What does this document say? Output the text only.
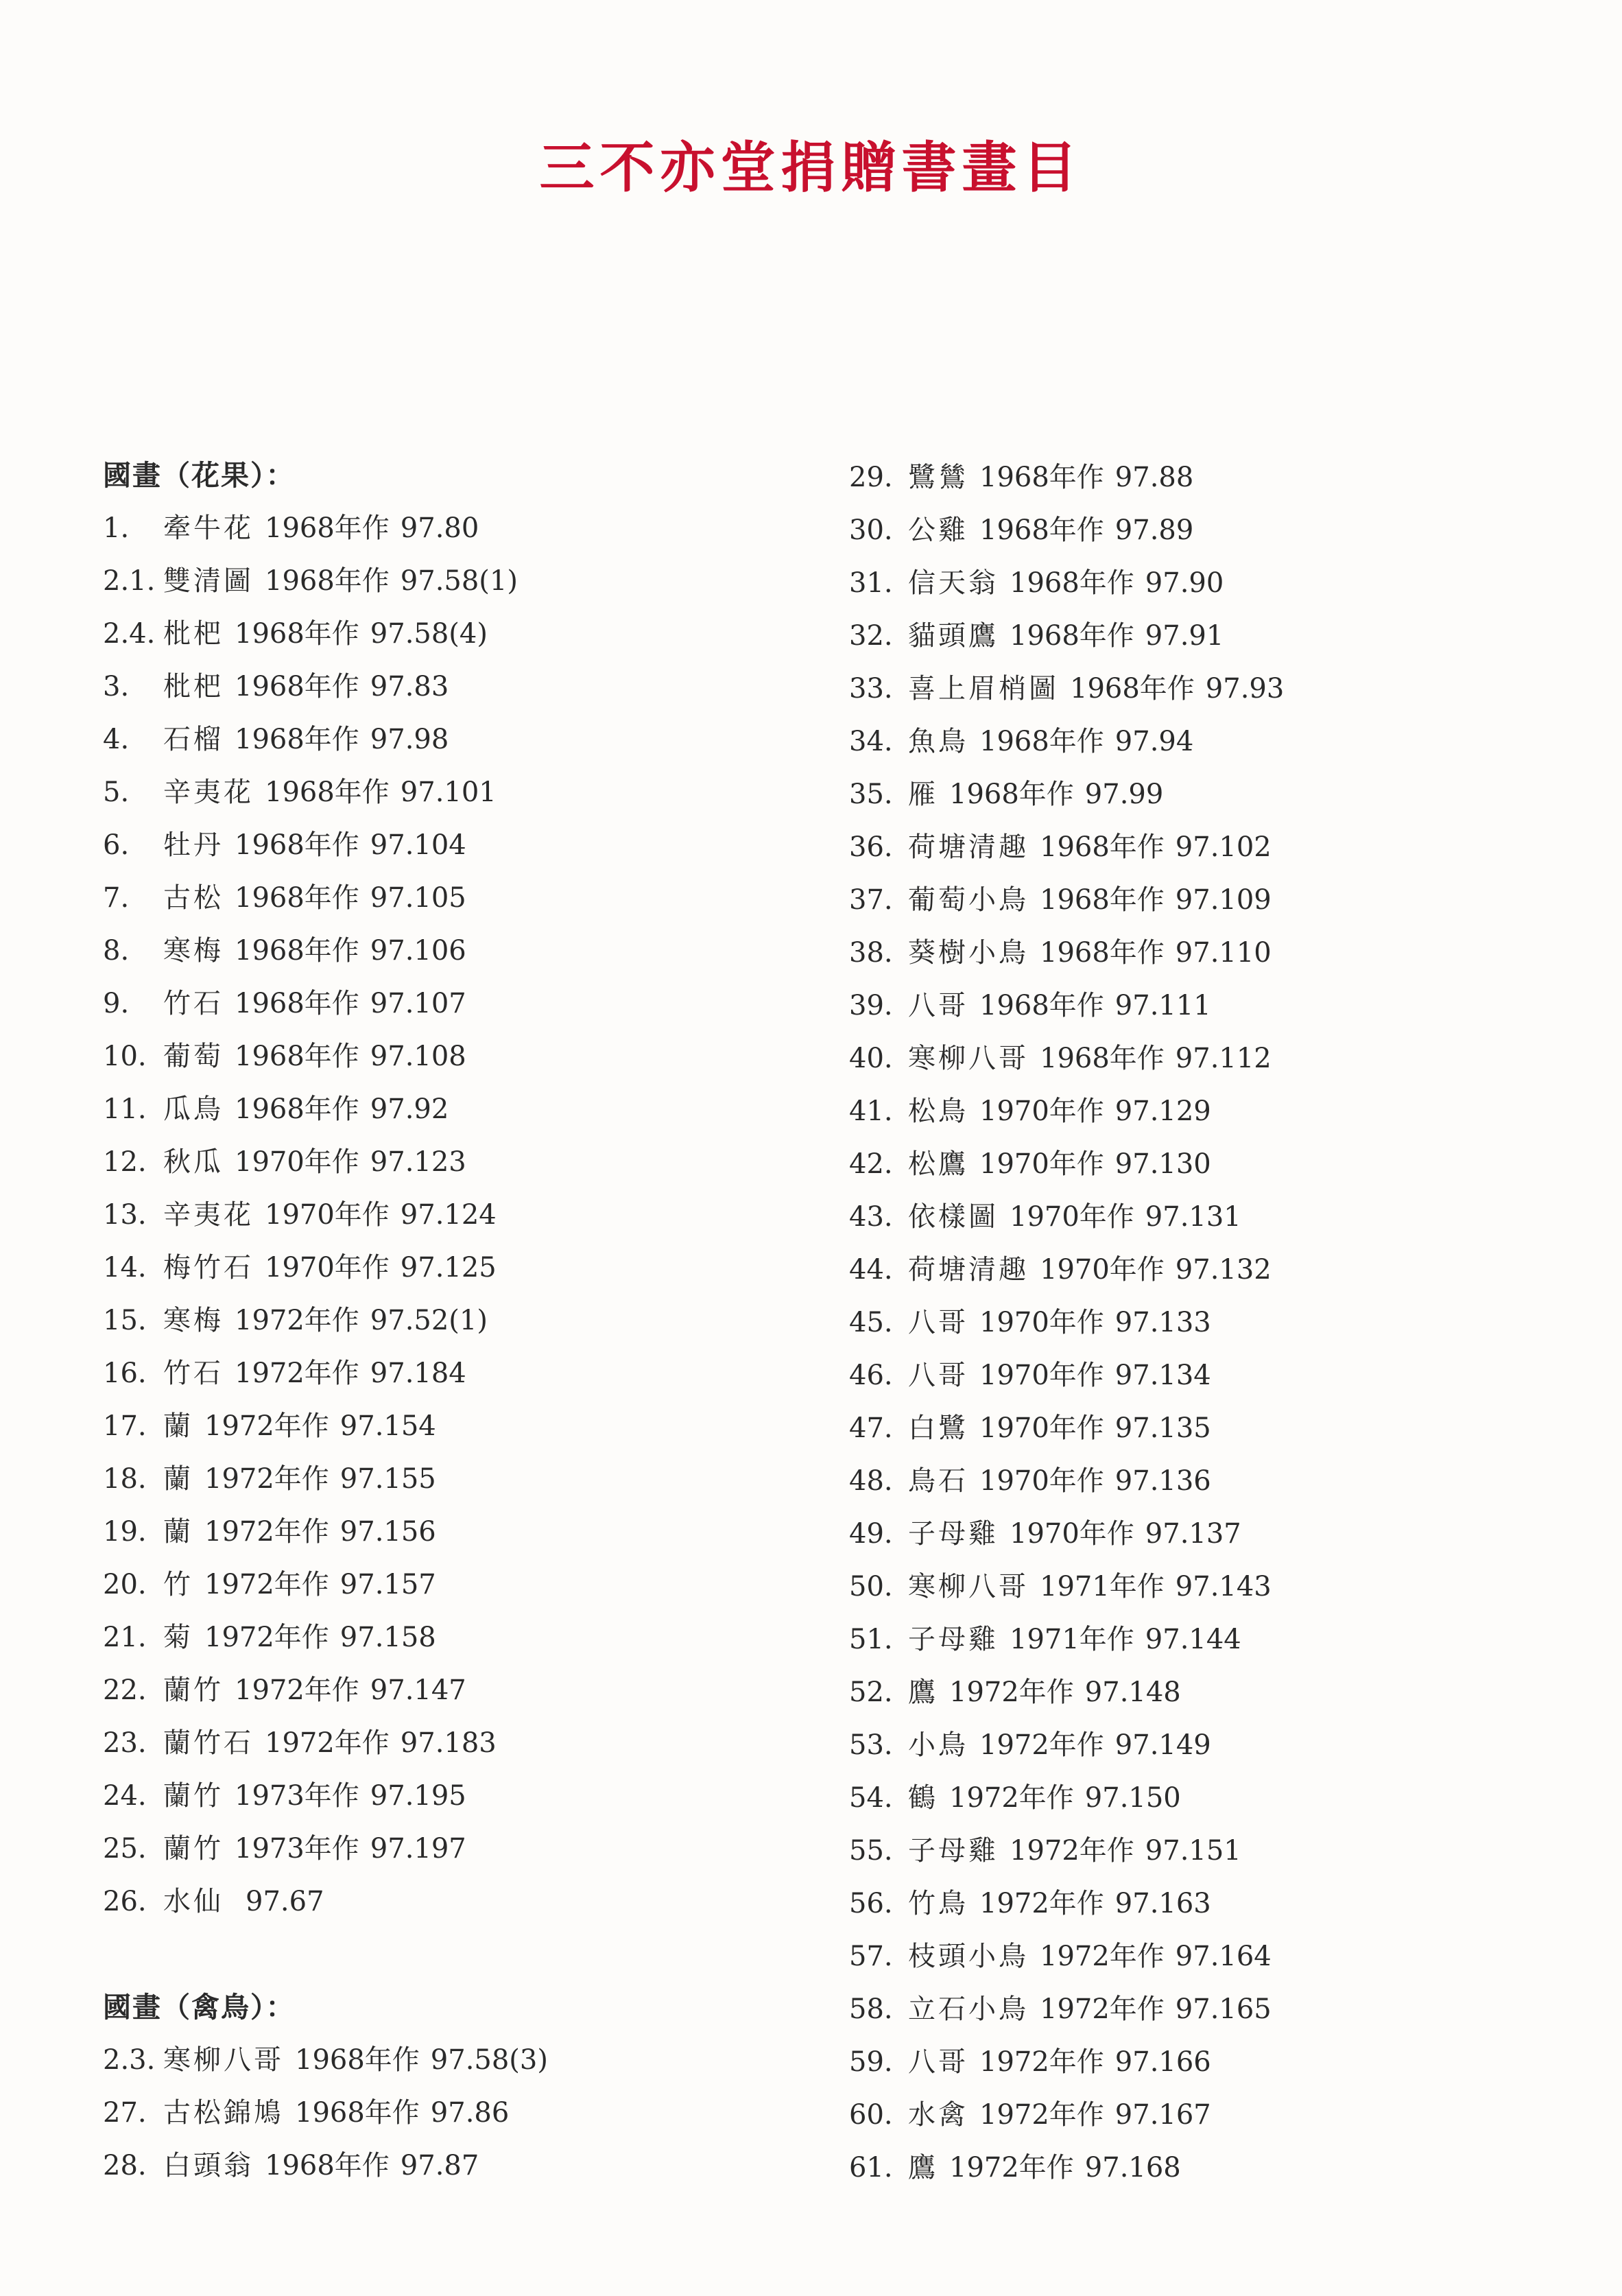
三不亦堂捐贈書畫目
國畫（花果）：
1. 牽牛花 1968年作 97.80
2.1. 雙清圖 1968年作 97.58(1)
2.4. 枇杷 1968年作 97.58(4)
3. 枇杷 1968年作 97.83
4. 石榴 1968年作 97.98
5. 辛夷花 1968年作 97.101
6. 牡丹 1968年作 97.104
7. 古松 1968年作 97.105
8. 寒梅 1968年作 97.106
9. 竹石 1968年作 97.107
10. 葡萄 1968年作 97.108
11. 瓜鳥 1968年作 97.92
12. 秋瓜 1970年作 97.123
13. 辛夷花 1970年作 97.124
14. 梅竹石 1970年作 97.125
15. 寒梅 1972年作 97.52(1)
16. 竹石 1972年作 97.184
17. 蘭 1972年作 97.154
18. 蘭 1972年作 97.155
19. 蘭 1972年作 97.156
20. 竹 1972年作 97.157
21. 菊 1972年作 97.158
22. 蘭竹 1972年作 97.147
23. 蘭竹石 1972年作 97.183
24. 蘭竹 1973年作 97.195
25. 蘭竹 1973年作 97.197
26. 水仙 97.67
國畫（禽鳥）：
2.3. 寒柳八哥 1968年作 97.58(3)
27. 古松錦鳩 1968年作 97.86
28. 白頭翁 1968年作 97.87
29. 鷺鷥 1968年作 97.88
30. 公雞 1968年作 97.89
31. 信天翁 1968年作 97.90
32. 貓頭鷹 1968年作 97.91
33. 喜上眉梢圖 1968年作 97.93
34. 魚鳥 1968年作 97.94
35. 雁 1968年作 97.99
36. 荷塘清趣 1968年作 97.102
37. 葡萄小鳥 1968年作 97.109
38. 葵樹小鳥 1968年作 97.110
39. 八哥 1968年作 97.111
40. 寒柳八哥 1968年作 97.112
41. 松鳥 1970年作 97.129
42. 松鷹 1970年作 97.130
43. 依樣圖 1970年作 97.131
44. 荷塘清趣 1970年作 97.132
45. 八哥 1970年作 97.133
46. 八哥 1970年作 97.134
47. 白鷺 1970年作 97.135
48. 鳥石 1970年作 97.136
49. 子母雞 1970年作 97.137
50. 寒柳八哥 1971年作 97.143
51. 子母雞 1971年作 97.144
52. 鷹 1972年作 97.148
53. 小鳥 1972年作 97.149
54. 鶴 1972年作 97.150
55. 子母雞 1972年作 97.151
56. 竹鳥 1972年作 97.163
57. 枝頭小鳥 1972年作 97.164
58. 立石小鳥 1972年作 97.165
59. 八哥 1972年作 97.166
60. 水禽 1972年作 97.167
61. 鷹 1972年作 97.168
